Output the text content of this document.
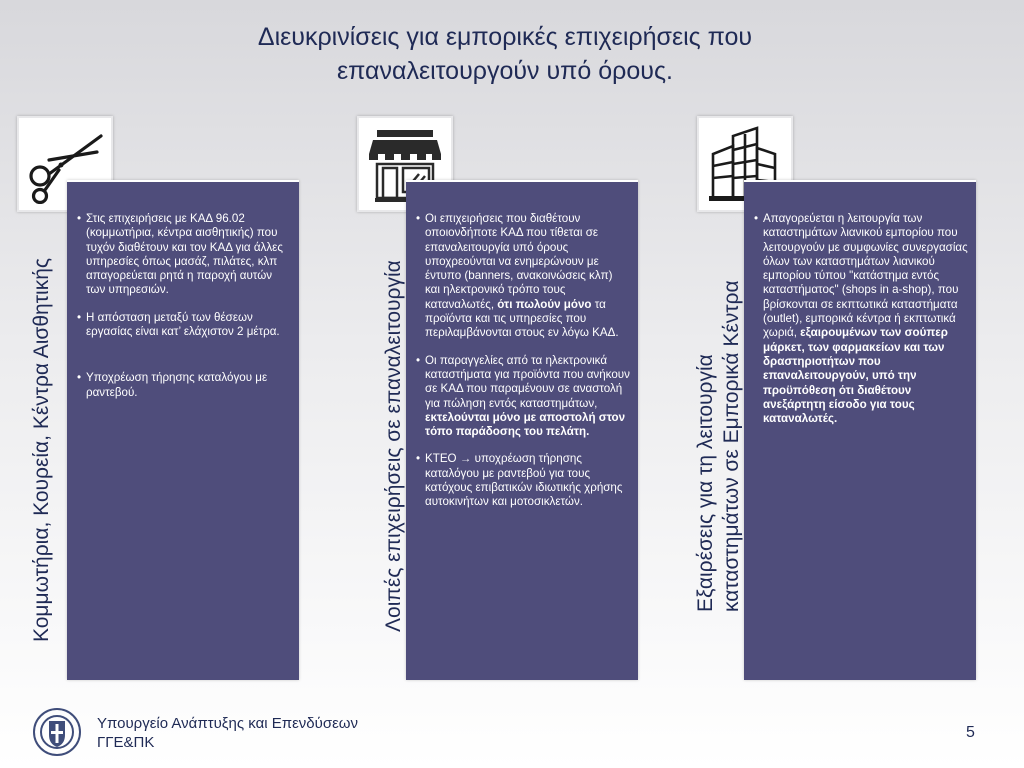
Διευκρινίσεις για εμπορικές επιχειρήσεις που
επαναλειτουργούν υπό όρους.
Κομμωτήρια, Κουρεία, Κέντρα Αισθητικής
• Στις επιχειρήσεις με ΚΑΔ 96.02 (κομμωτήρια, κέντρα αισθητικής) που τυχόν διαθέτουν και τον ΚΑΔ για άλλες υπηρεσίες όπως μασάζ, πιλάτες, κλπ απαγορεύεται ρητά η παροχή αυτών των υπηρεσιών.
• Η απόσταση μεταξύ των θέσεων εργασίας είναι κατ’ ελάχιστον 2 μέτρα.
• Υποχρέωση τήρησης καταλόγου με ραντεβού.	Λοιπές επιχειρήσεις σε επαναλειτουργία
• Οι επιχειρήσεις που διαθέτουν οποιονδήποτε ΚΑΔ που τίθεται σε επαναλειτουργία υπό όρους υποχρεούνται να ενημερώνουν με έντυπο (banners, ανακοινώσεις κλπ) και ηλεκτρονικό τρόπο τους καταναλωτές, ότι πωλούν μόνο τα προϊόντα και τις υπηρεσίες που περιλαμβάνονται στους εν λόγω ΚΑΔ.
• Οι παραγγελίες από τα ηλεκτρονικά καταστήματα για προϊόντα που ανήκουν σε ΚΑΔ που παραμένουν σε αναστολή για πώληση εντός καταστημάτων, εκτελούνται μόνο με αποστολή στον τόπο παράδοσης του πελάτη.
• ΚΤΕΟ → υποχρέωση τήρησης καταλόγου με ραντεβού για τους κατόχους επιβατικών ιδιωτικής χρήσης αυτοκινήτων και μοτοσικλετών.	Εξαιρέσεις για τη λειτουργία καταστημάτων σε Εμπορικά Κέντρα
• Απαγορεύεται η λειτουργία των καταστημάτων λιανικού εμπορίου που λειτουργούν με συμφωνίες συνεργασίας όλων των καταστημάτων λιανικού εμπορίου τύπου "κατάστημα εντός καταστήματος" (shops in a-shop), που βρίσκονται σε εκπτωτικά καταστήματα (outlet), εμπορικά κέντρα ή εκπτωτικά χωριά, εξαιρουμένων των σούπερ μάρκετ, των φαρμακείων και των δραστηριοτήτων που επαναλειτουργούν, υπό την προϋπόθεση ότι διαθέτουν ανεξάρτητη είσοδο για τους καταναλωτές.
Υπουργείο Ανάπτυξης και Επενδύσεων
ΓΓΕ&ΠΚ
5
